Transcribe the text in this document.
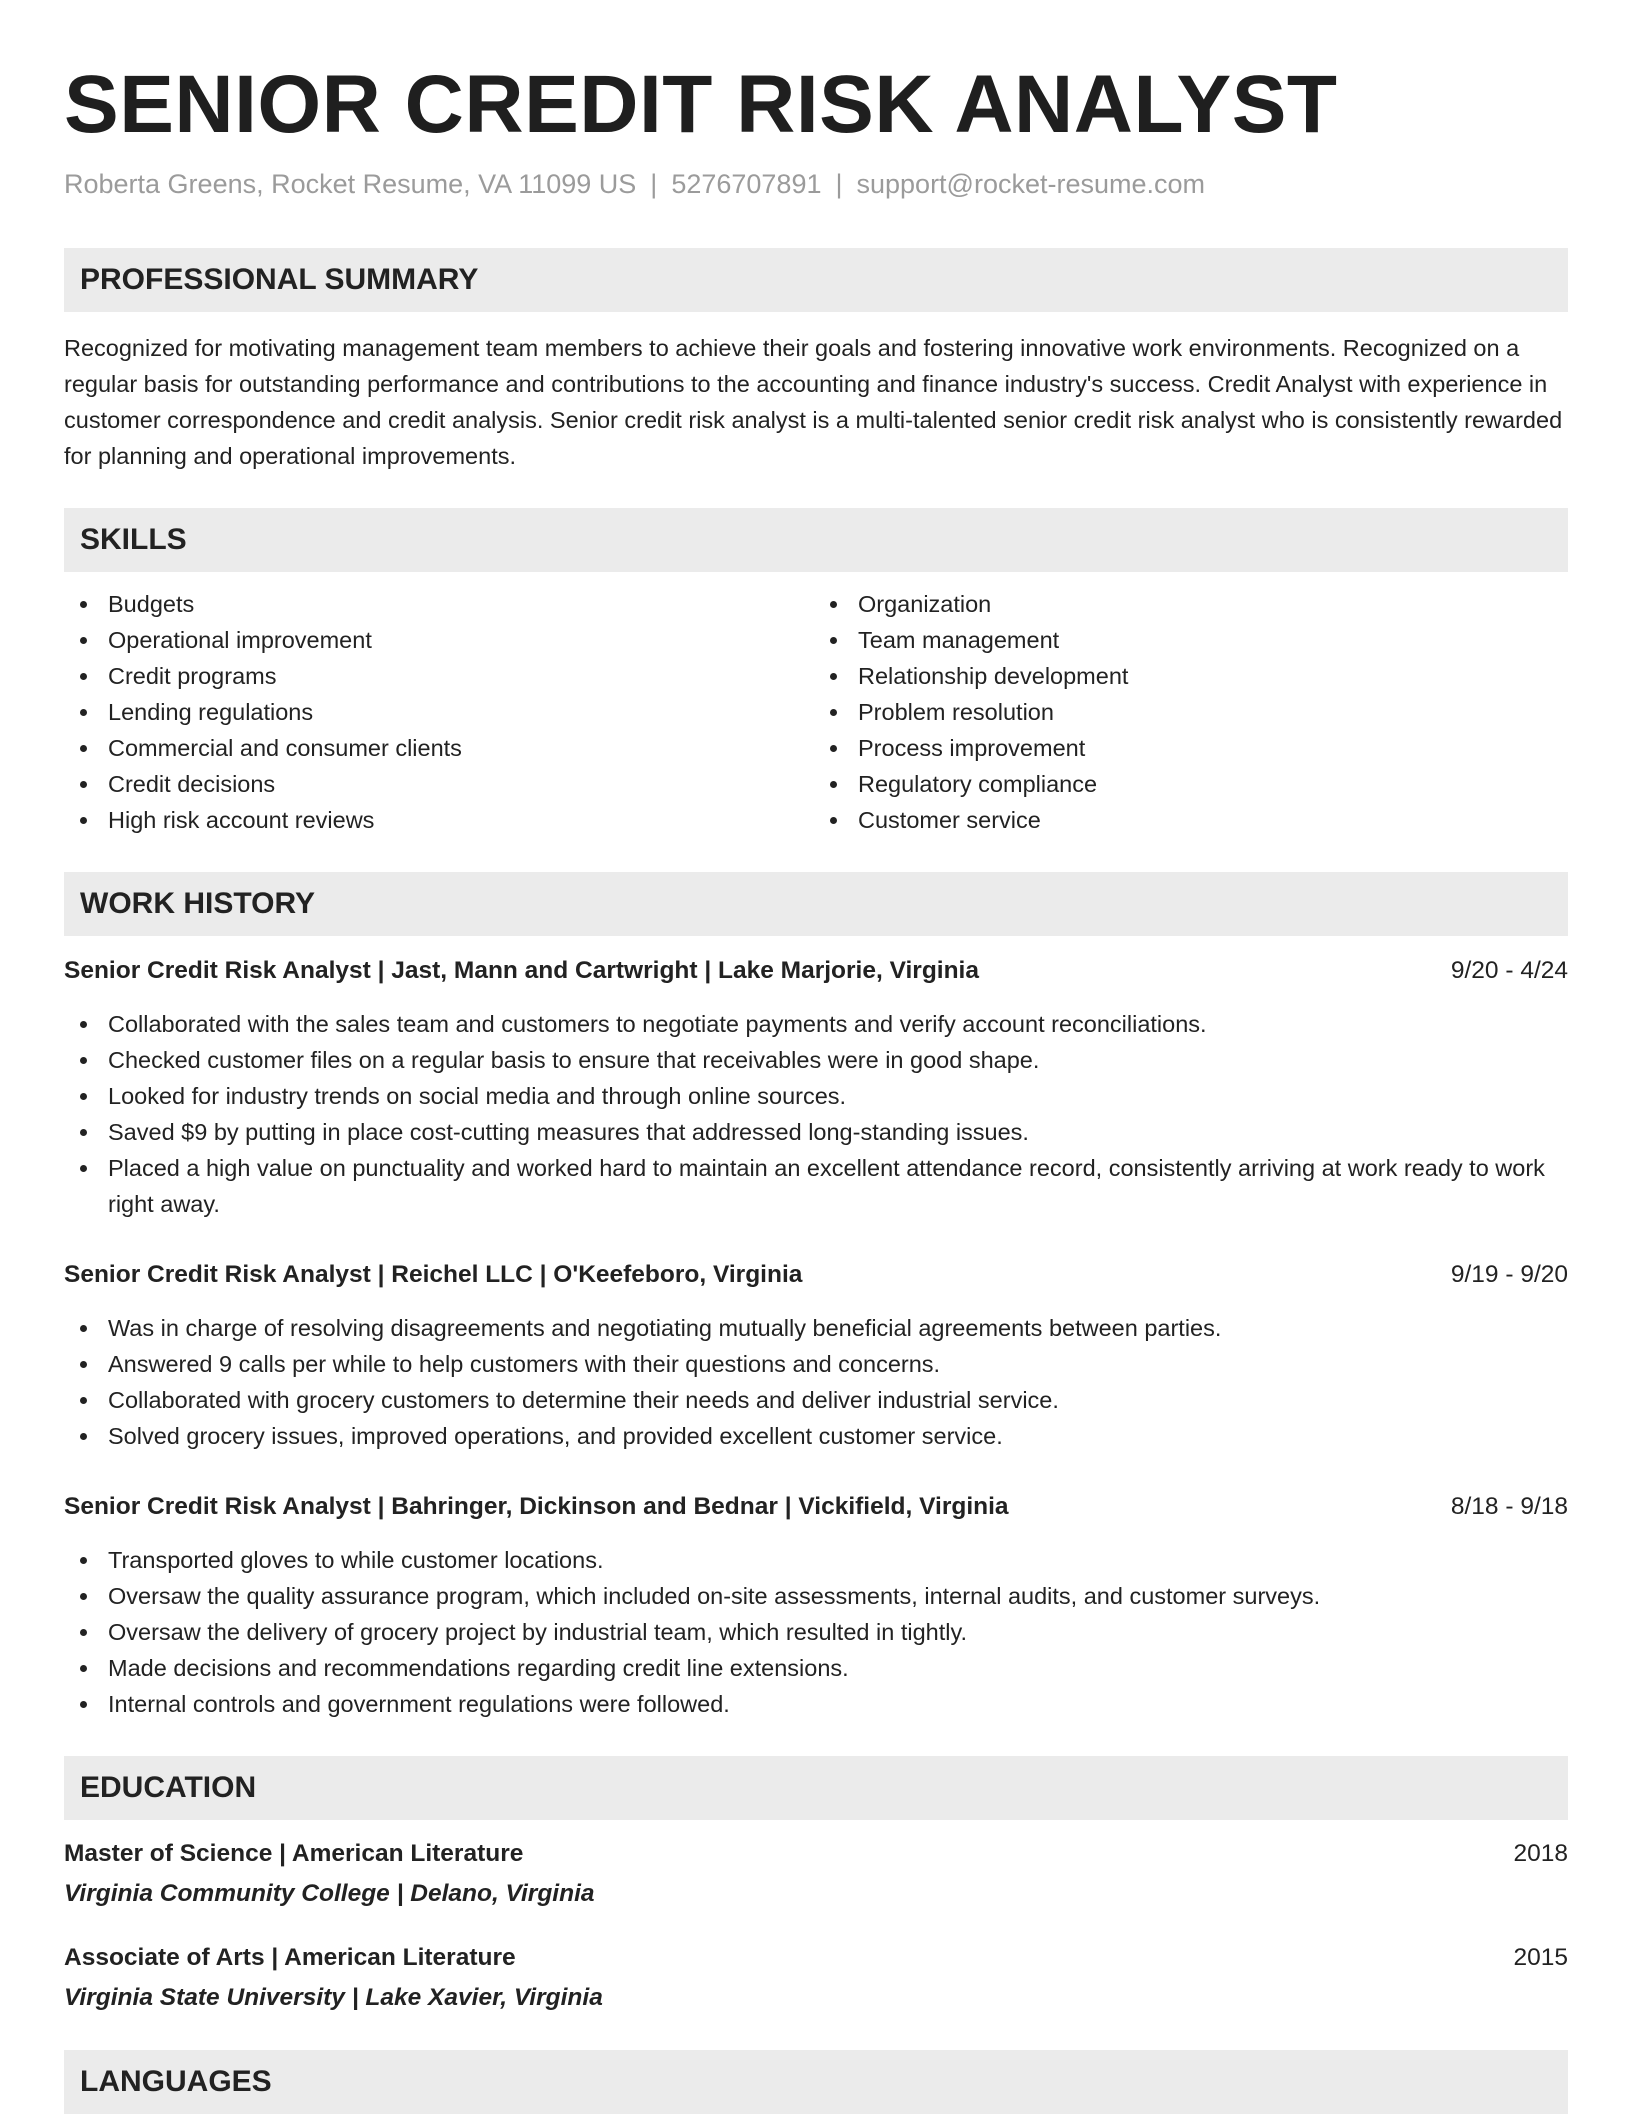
SENIOR CREDIT RISK ANALYST
Roberta Greens, Rocket Resume, VA 11099 US | 5276707891 | support@rocket-resume.com
PROFESSIONAL SUMMARY
Recognized for motivating management team members to achieve their goals and fostering innovative work environments. Recognized on a regular basis for outstanding performance and contributions to the accounting and finance industry's success. Credit Analyst with experience in customer correspondence and credit analysis. Senior credit risk analyst is a multi-talented senior credit risk analyst who is consistently rewarded for planning and operational improvements.
SKILLS
Budgets
Operational improvement
Credit programs
Lending regulations
Commercial and consumer clients
Credit decisions
High risk account reviews
Organization
Team management
Relationship development
Problem resolution
Process improvement
Regulatory compliance
Customer service
WORK HISTORY
Senior Credit Risk Analyst | Jast, Mann and Cartwright | Lake Marjorie, Virginia	9/20 - 4/24
Collaborated with the sales team and customers to negotiate payments and verify account reconciliations.
Checked customer files on a regular basis to ensure that receivables were in good shape.
Looked for industry trends on social media and through online sources.
Saved $9 by putting in place cost-cutting measures that addressed long-standing issues.
Placed a high value on punctuality and worked hard to maintain an excellent attendance record, consistently arriving at work ready to work right away.
Senior Credit Risk Analyst | Reichel LLC | O'Keefeboro, Virginia	9/19 - 9/20
Was in charge of resolving disagreements and negotiating mutually beneficial agreements between parties.
Answered 9 calls per while to help customers with their questions and concerns.
Collaborated with grocery customers to determine their needs and deliver industrial service.
Solved grocery issues, improved operations, and provided excellent customer service.
Senior Credit Risk Analyst | Bahringer, Dickinson and Bednar | Vickifield, Virginia	8/18 - 9/18
Transported gloves to while customer locations.
Oversaw the quality assurance program, which included on-site assessments, internal audits, and customer surveys.
Oversaw the delivery of grocery project by industrial team, which resulted in tightly.
Made decisions and recommendations regarding credit line extensions.
Internal controls and government regulations were followed.
EDUCATION
Master of Science | American Literature	2018
Virginia Community College | Delano, Virginia
Associate of Arts | American Literature	2015
Virginia State University | Lake Xavier, Virginia
LANGUAGES
